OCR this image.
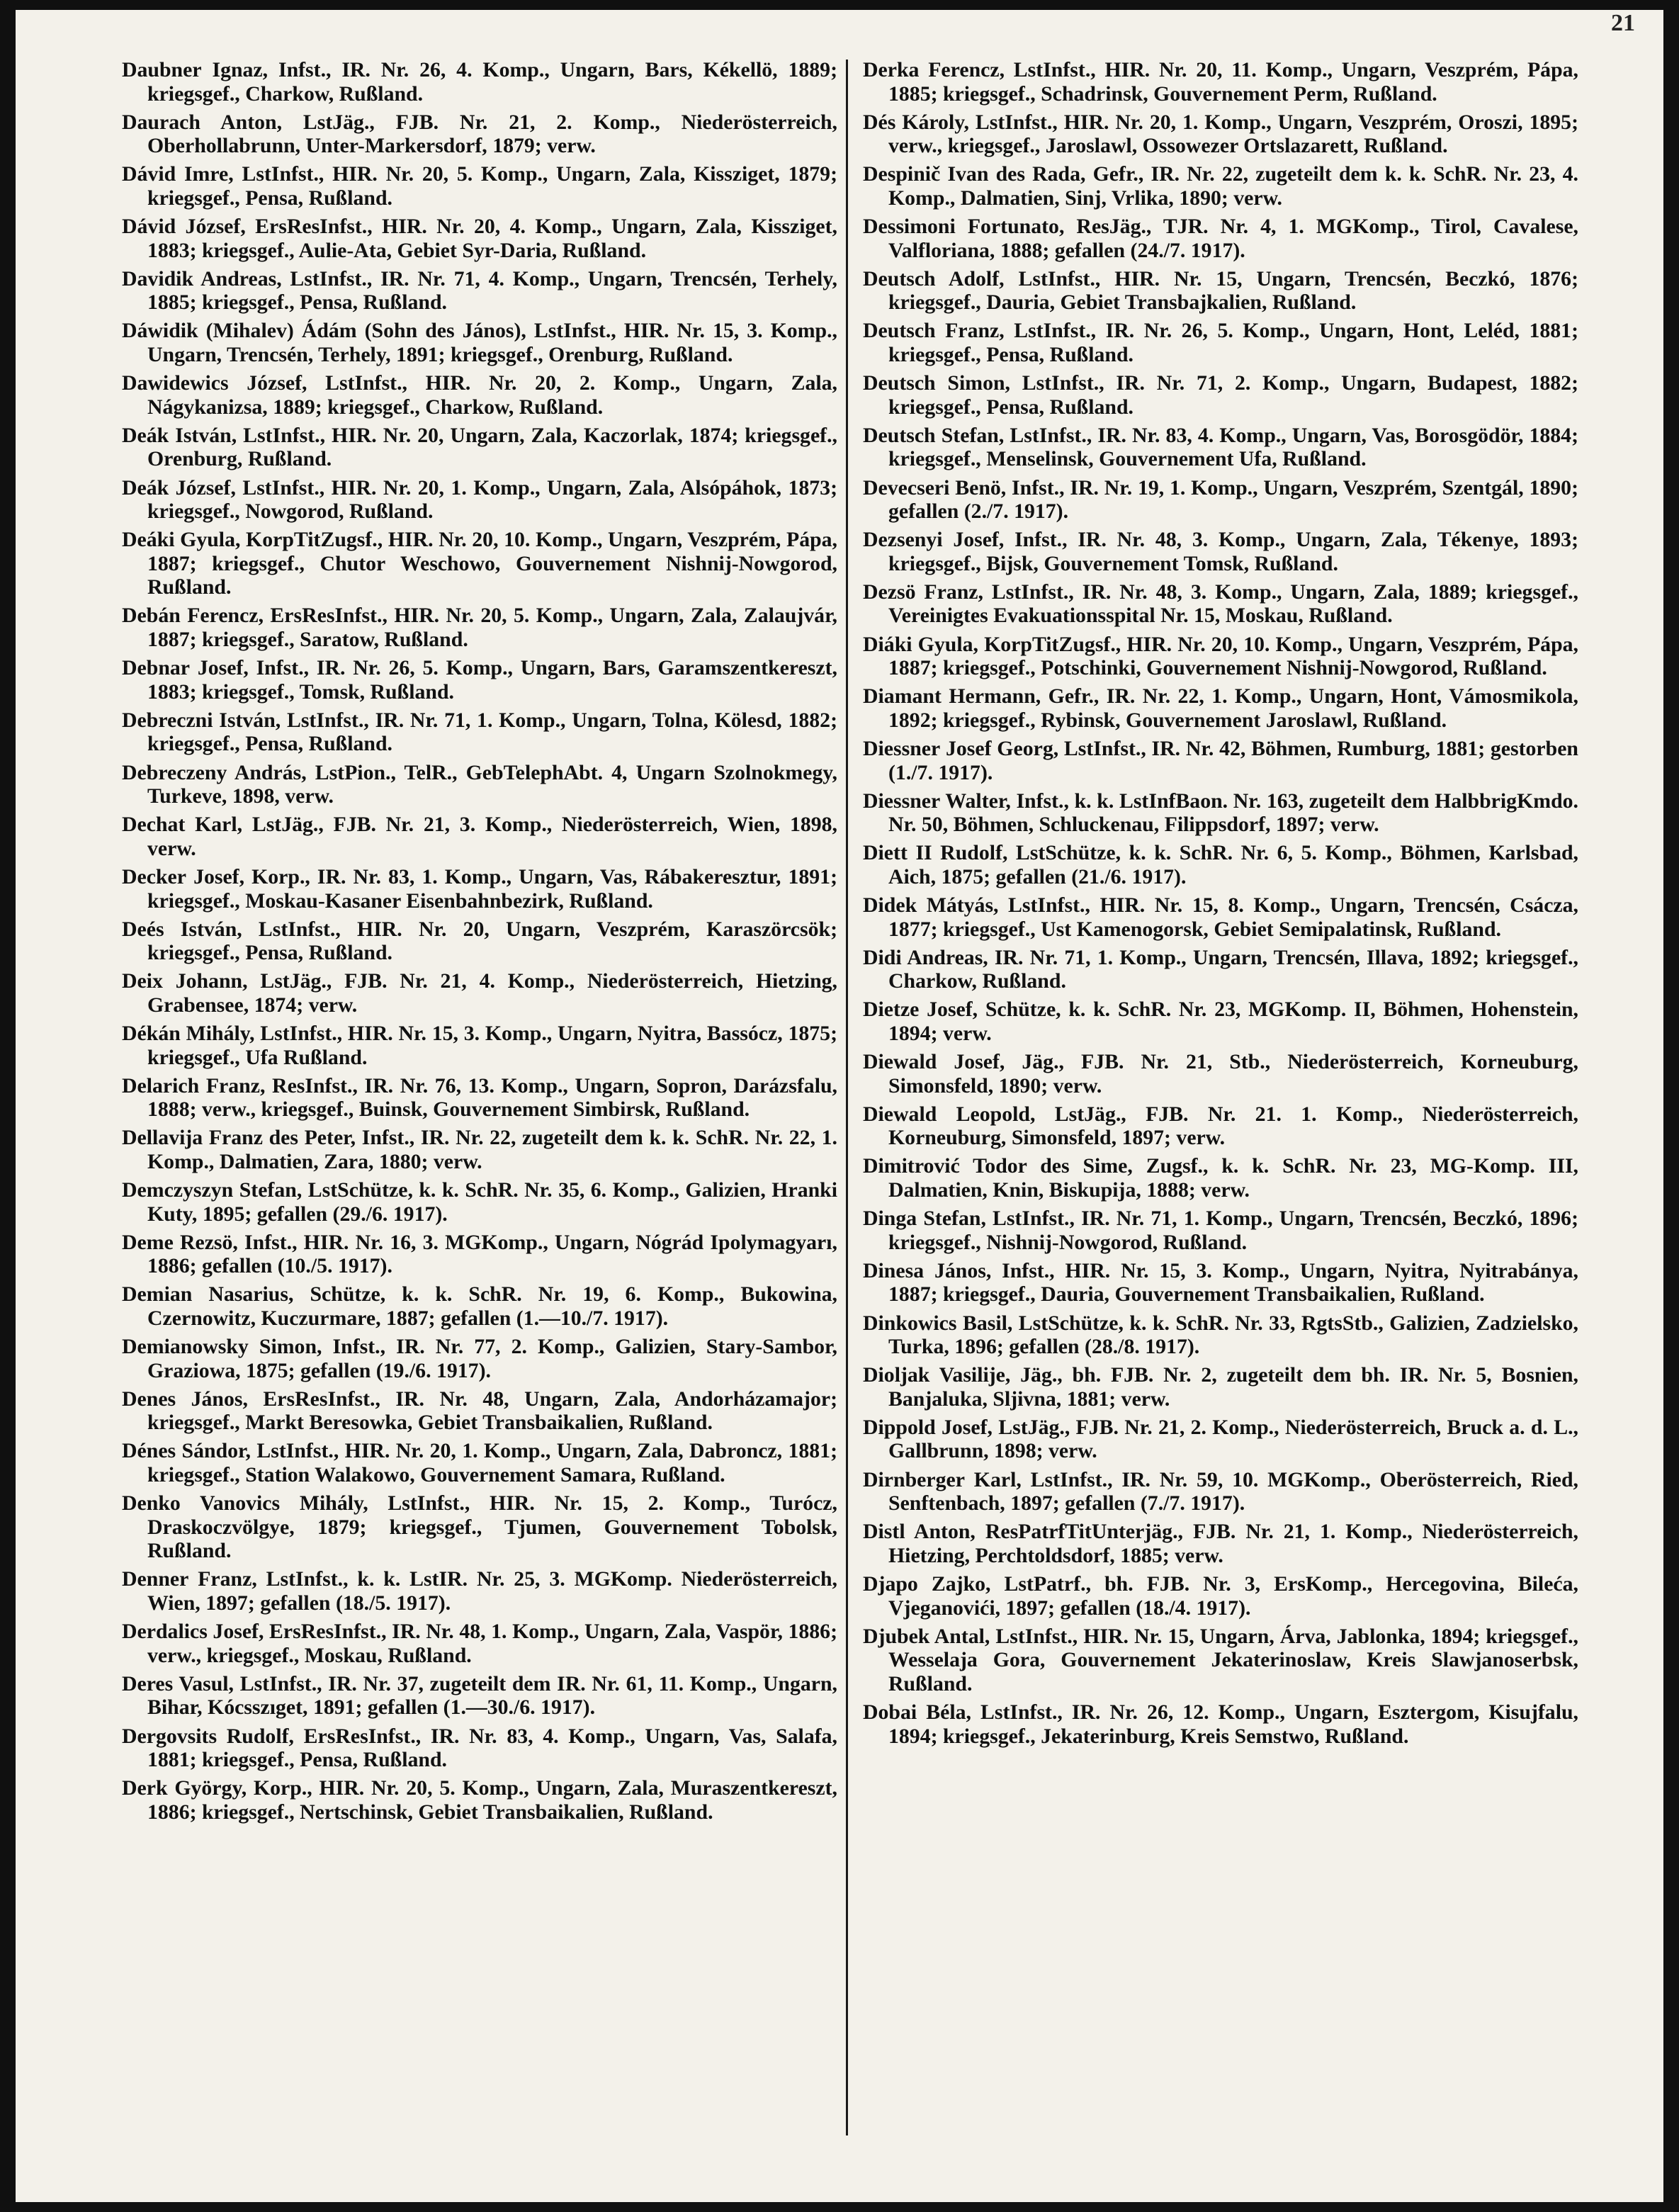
21

Daubner Ignaz, Infst., IR. Nr. 26, 4. Komp., Ungarn, Bars, Kékellö, 1889; kriegsgef., Charkow, Rußland.

Daurach Anton, LstJäg., FJB. Nr. 21, 2. Komp., Niederösterreich, Oberhollabrunn, Unter-Markersdorf, 1879; verw.

Dávid Imre, LstInfst., HIR. Nr. 20, 5. Komp., Ungarn, Zala, Kissziget, 1879; kriegsgef., Pensa, Rußland.

Dávid József, ErsResInfst., HIR. Nr. 20, 4. Komp., Ungarn, Zala, Kissziget, 1883; kriegsgef., Aulie-Ata, Gebiet Syr-Daria, Rußland.

Davidik Andreas, LstInfst., IR. Nr. 71, 4. Komp., Ungarn, Trencsén, Terhely, 1885; kriegsgef., Pensa, Rußland.

Dáwidik (Mihalev) Ádám (Sohn des János), LstInfst., HIR. Nr. 15, 3. Komp., Ungarn, Trencsén, Terhely, 1891; kriegsgef., Orenburg, Rußland.

Dawidewics József, LstInfst., HIR. Nr. 20, 2. Komp., Ungarn, Zala, Nágykanizsa, 1889; kriegsgef., Charkow, Rußland.

Deák István, LstInfst., HIR. Nr. 20, Ungarn, Zala, Kaczorlak, 1874; kriegsgef., Orenburg, Rußland.

Deák József, LstInfst., HIR. Nr. 20, 1. Komp., Ungarn, Zala, Alsópáhok, 1873; kriegsgef., Nowgorod, Rußland.

Deáki Gyula, KorpTitZugsf., HIR. Nr. 20, 10. Komp., Ungarn, Veszprém, Pápa, 1887; kriegsgef., Chutor Weschowo, Gouvernement Nishnij-Nowgorod, Rußland.

Debán Ferencz, ErsResInfst., HIR. Nr. 20, 5. Komp., Ungarn, Zala, Zalaujvár, 1887; kriegsgef., Saratow, Rußland.

Debnar Josef, Infst., IR. Nr. 26, 5. Komp., Ungarn, Bars, Garamszentkereszt, 1883; kriegsgef., Tomsk, Rußland.

Debreczni István, LstInfst., IR. Nr. 71, 1. Komp., Ungarn, Tolna, Kölesd, 1882; kriegsgef., Pensa, Rußland.

Debreczeny András, LstPion., TelR., GebTelephAbt. 4, Ungarn Szolnokmegy, Turkeve, 1898, verw.

Dechat Karl, LstJäg., FJB. Nr. 21, 3. Komp., Niederösterreich, Wien, 1898, verw.

Decker Josef, Korp., IR. Nr. 83, 1. Komp., Ungarn, Vas, Rábakeresztur, 1891; kriegsgef., Moskau-Kasaner Eisenbahnbezirk, Rußland.

Deés István, LstInfst., HIR. Nr. 20, Ungarn, Veszprém, Karaszörcsök; kriegsgef., Pensa, Rußland.

Deix Johann, LstJäg., FJB. Nr. 21, 4. Komp., Niederösterreich, Hietzing, Grabensee, 1874; verw.

Dékán Mihály, LstInfst., HIR. Nr. 15, 3. Komp., Ungarn, Nyitra, Bassócz, 1875; kriegsgef., Ufa Rußland.

Delarich Franz, ResInfst., IR. Nr. 76, 13. Komp., Ungarn, Sopron, Darázsfalu, 1888; verw., kriegsgef., Buinsk, Gouvernement Simbirsk, Rußland.

Dellavija Franz des Peter, Infst., IR. Nr. 22, zugeteilt dem k. k. SchR. Nr. 22, 1. Komp., Dalmatien, Zara, 1880; verw.

Demczyszyn Stefan, LstSchütze, k. k. SchR. Nr. 35, 6. Komp., Galizien, Hranki Kuty, 1895; gefallen (29./6. 1917).

Deme Rezsö, Infst., HIR. Nr. 16, 3. MGKomp., Ungarn, Nógrád Ipolymagyarı, 1886; gefallen (10./5. 1917).

Demian Nasarius, Schütze, k. k. SchR. Nr. 19, 6. Komp., Bukowina, Czernowitz, Kuczurmare, 1887; gefallen (1.—10./7. 1917).

Demianowsky Simon, Infst., IR. Nr. 77, 2. Komp., Galizien, Stary-Sambor, Graziowa, 1875; gefallen (19./6. 1917).

Denes János, ErsResInfst., IR. Nr. 48, Ungarn, Zala, Andorházamajor; kriegsgef., Markt Beresowka, Gebiet Transbaikalien, Rußland.

Dénes Sándor, LstInfst., HIR. Nr. 20, 1. Komp., Ungarn, Zala, Dabroncz, 1881; kriegsgef., Station Walakowo, Gouvernement Samara, Rußland.

Denko Vanovics Mihály, LstInfst., HIR. Nr. 15, 2. Komp., Turócz, Draskoczvölgye, 1879; kriegsgef., Tjumen, Gouvernement Tobolsk, Rußland.

Denner Franz, LstInfst., k. k. LstIR. Nr. 25, 3. MGKomp. Niederösterreich, Wien, 1897; gefallen (18./5. 1917).

Derdalics Josef, ErsResInfst., IR. Nr. 48, 1. Komp., Ungarn, Zala, Vaspör, 1886; verw., kriegsgef., Moskau, Rußland.

Deres Vasul, LstInfst., IR. Nr. 37, zugeteilt dem IR. Nr. 61, 11. Komp., Ungarn, Bihar, Kócsszıget, 1891; gefallen (1.—30./6. 1917).

Dergovsits Rudolf, ErsResInfst., IR. Nr. 83, 4. Komp., Ungarn, Vas, Salafa, 1881; kriegsgef., Pensa, Rußland.

Derk György, Korp., HIR. Nr. 20, 5. Komp., Ungarn, Zala, Muraszentkereszt, 1886; kriegsgef., Nertschinsk, Gebiet Transbaikalien, Rußland.

Derka Ferencz, LstInfst., HIR. Nr. 20, 11. Komp., Ungarn, Veszprém, Pápa, 1885; kriegsgef., Schadrinsk, Gouvernement Perm, Rußland.

Dés Károly, LstInfst., HIR. Nr. 20, 1. Komp., Ungarn, Veszprém, Oroszi, 1895; verw., kriegsgef., Jaroslawl, Ossowezer Ortslazarett, Rußland.

Despinič Ivan des Rada, Gefr., IR. Nr. 22, zugeteilt dem k. k. SchR. Nr. 23, 4. Komp., Dalmatien, Sinj, Vrlika, 1890; verw.

Dessimoni Fortunato, ResJäg., TJR. Nr. 4, 1. MGKomp., Tirol, Cavalese, Valfloriana, 1888; gefallen (24./7. 1917).

Deutsch Adolf, LstInfst., HIR. Nr. 15, Ungarn, Trencsén, Beczkó, 1876; kriegsgef., Dauria, Gebiet Transbajkalien, Rußland.

Deutsch Franz, LstInfst., IR. Nr. 26, 5. Komp., Ungarn, Hont, Leléd, 1881; kriegsgef., Pensa, Rußland.

Deutsch Simon, LstInfst., IR. Nr. 71, 2. Komp., Ungarn, Budapest, 1882; kriegsgef., Pensa, Rußland.

Deutsch Stefan, LstInfst., IR. Nr. 83, 4. Komp., Ungarn, Vas, Borosgödör, 1884; kriegsgef., Menselinsk, Gouvernement Ufa, Rußland.

Devecseri Benö, Infst., IR. Nr. 19, 1. Komp., Ungarn, Veszprém, Szentgál, 1890; gefallen (2./7. 1917).

Dezsenyi Josef, Infst., IR. Nr. 48, 3. Komp., Ungarn, Zala, Tékenye, 1893; kriegsgef., Bijsk, Gouvernement Tomsk, Rußland.

Dezsö Franz, LstInfst., IR. Nr. 48, 3. Komp., Ungarn, Zala, 1889; kriegsgef., Vereinigtes Evakuationsspital Nr. 15, Moskau, Rußland.

Diáki Gyula, KorpTitZugsf., HIR. Nr. 20, 10. Komp., Ungarn, Veszprém, Pápa, 1887; kriegsgef., Potschinki, Gouvernement Nishnij-Nowgorod, Rußland.

Diamant Hermann, Gefr., IR. Nr. 22, 1. Komp., Ungarn, Hont, Vámosmikola, 1892; kriegsgef., Rybinsk, Gouvernement Jaroslawl, Rußland.

Diessner Josef Georg, LstInfst., IR. Nr. 42, Böhmen, Rumburg, 1881; gestorben (1./7. 1917).

Diessner Walter, Infst., k. k. LstInfBaon. Nr. 163, zugeteilt dem HalbbrigKmdo. Nr. 50, Böhmen, Schluckenau, Filippsdorf, 1897; verw.

Diett II Rudolf, LstSchütze, k. k. SchR. Nr. 6, 5. Komp., Böhmen, Karlsbad, Aich, 1875; gefallen (21./6. 1917).

Didek Mátyás, LstInfst., HIR. Nr. 15, 8. Komp., Ungarn, Trencsén, Csácza, 1877; kriegsgef., Ust Kamenogorsk, Gebiet Semipalatinsk, Rußland.

Didi Andreas, IR. Nr. 71, 1. Komp., Ungarn, Trencsén, Illava, 1892; kriegsgef., Charkow, Rußland.

Dietze Josef, Schütze, k. k. SchR. Nr. 23, MGKomp. II, Böhmen, Hohenstein, 1894; verw.

Diewald Josef, Jäg., FJB. Nr. 21, Stb., Niederösterreich, Korneuburg, Simonsfeld, 1890; verw.

Diewald Leopold, LstJäg., FJB. Nr. 21. 1. Komp., Niederösterreich, Korneuburg, Simonsfeld, 1897; verw.

Dimitrović Todor des Sime, Zugsf., k. k. SchR. Nr. 23, MG-Komp. III, Dalmatien, Knin, Biskupija, 1888; verw.

Dinga Stefan, LstInfst., IR. Nr. 71, 1. Komp., Ungarn, Trencsén, Beczkó, 1896; kriegsgef., Nishnij-Nowgorod, Rußland.

Dinesa János, Infst., HIR. Nr. 15, 3. Komp., Ungarn, Nyitra, Nyitrabánya, 1887; kriegsgef., Dauria, Gouvernement Transbaikalien, Rußland.

Dinkowics Basil, LstSchütze, k. k. SchR. Nr. 33, RgtsStb., Galizien, Zadzielsko, Turka, 1896; gefallen (28./8. 1917).

Dioljak Vasilije, Jäg., bh. FJB. Nr. 2, zugeteilt dem bh. IR. Nr. 5, Bosnien, Banjaluka, Sljivna, 1881; verw.

Dippold Josef, LstJäg., FJB. Nr. 21, 2. Komp., Niederösterreich, Bruck a. d. L., Gallbrunn, 1898; verw.

Dirnberger Karl, LstInfst., IR. Nr. 59, 10. MGKomp., Oberösterreich, Ried, Senftenbach, 1897; gefallen (7./7. 1917).

Distl Anton, ResPatrfTitUnterjäg., FJB. Nr. 21, 1. Komp., Niederösterreich, Hietzing, Perchtoldsdorf, 1885; verw.

Djapo Zajko, LstPatrf., bh. FJB. Nr. 3, ErsKomp., Hercegovina, Bileća, Vjeganovići, 1897; gefallen (18./4. 1917).

Djubek Antal, LstInfst., HIR. Nr. 15, Ungarn, Árva, Jablonka, 1894; kriegsgef., Wesselaja Gora, Gouvernement Jekaterinoslaw, Kreis Slawjanoserbsk, Rußland.

Dobai Béla, LstInfst., IR. Nr. 26, 12. Komp., Ungarn, Esztergom, Kisujfalu, 1894; kriegsgef., Jekaterinburg, Kreis Semstwo, Rußland.
